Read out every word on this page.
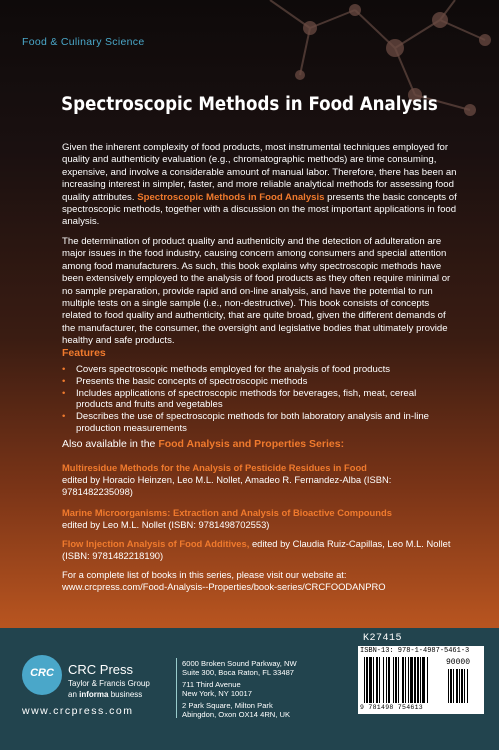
Food & Culinary Science
Spectroscopic Methods in Food Analysis
Given the inherent complexity of food products, most instrumental techniques employed for quality and authenticity evaluation (e.g., chromatographic methods) are time consuming, expensive, and involve a considerable amount of manual labor. Therefore, there has been an increasing interest in simpler, faster, and more reliable analytical methods for assessing food quality attributes. Spectroscopic Methods in Food Analysis presents the basic concepts of spectroscopic methods, together with a discussion on the most important applications in food analysis.
The determination of product quality and authenticity and the detection of adulteration are major issues in the food industry, causing concern among consumers and special attention among food manufacturers. As such, this book explains why spectroscopic methods have been extensively employed to the analysis of food products as they often require minimal or no sample preparation, provide rapid and on-line analysis, and have the potential to run multiple tests on a single sample (i.e., non-destructive). This book consists of concepts related to food quality and authenticity, that are quite broad, given the different demands of the manufacturer, the consumer, the oversight and legislative bodies that ultimately provide healthy and safe products.
Features
• Covers spectroscopic methods employed for the analysis of food products
• Presents the basic concepts of spectroscopic methods
• Includes applications of spectroscopic methods for beverages, fish, meat, cereal products and fruits and vegetables
• Describes the use of spectroscopic methods for both laboratory analysis and in-line production measurements
Also available in the Food Analysis and Properties Series:
Multiresidue Methods for the Analysis of Pesticide Residues in Food
edited by Horacio Heinzen, Leo M.L. Nollet, Amadeo R. Fernandez-Alba (ISBN: 9781482235098)
Marine Microorganisms: Extraction and Analysis of Bioactive Compounds
edited by Leo M.L. Nollet (ISBN: 9781498702553)
Flow Injection Analysis of Food Additives, edited by Claudia Ruiz-Capillas, Leo M.L. Nollet (ISBN: 9781482218190)
For a complete list of books in this series, please visit our website at:
www.crcpress.com/Food-Analysis--Properties/book-series/CRCFOODANPRO
K27415
CRC	CRC Press
Taylor & Francis Group
an informa business
www.crcpress.com
6000 Broken Sound Parkway, NW
Suite 300, Boca Raton, FL 33487
711 Third Avenue
New York, NY 10017
2 Park Square, Milton Park
Abingdon, Oxon OX14 4RN, UK
ISBN-13: 978-1-4987-5461-3
90000
9 781498 754613
